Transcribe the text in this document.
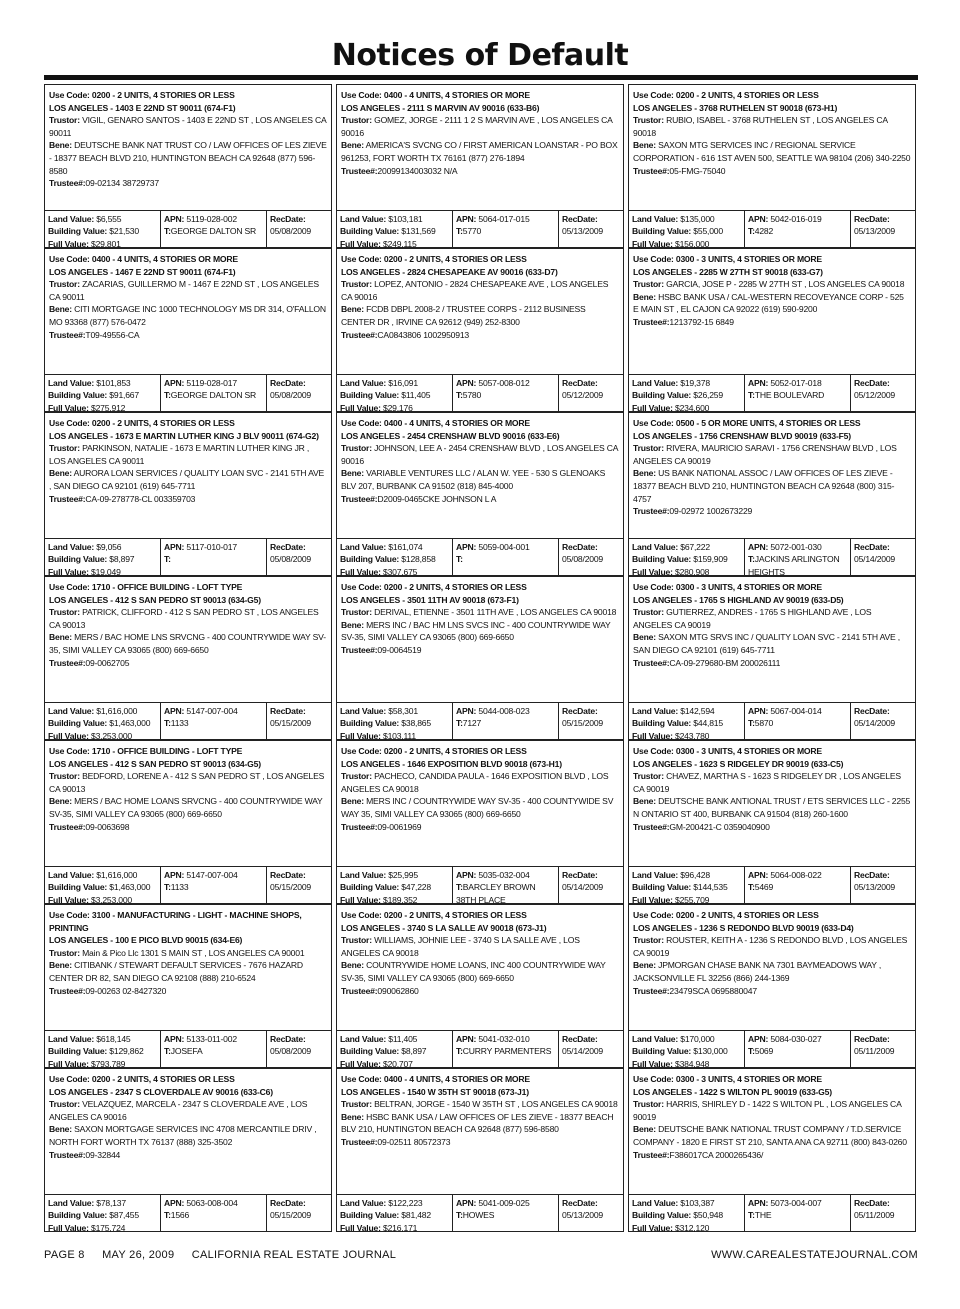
Notices of Default
Use Code: 0200 - 2 UNITS, 4 STORIES OR LESS
LOS ANGELES - 1403 E 22ND ST 90011 (674-F1)
Trustor: VIGIL, GENARO SANTOS - 1403 E 22ND ST , LOS ANGELES CA 90011
Bene: DEUTSCHE BANK NAT TRUST CO / LAW OFFICES OF LES ZIEVE - 18377 BEACH BLVD 210, HUNTINGTON BEACH CA 92648 (877) 596-8580
Trustee#:09-02134 38729737
Land Value: $6,555
Building Value: $21,530
Full Value: $29,801
APN: 5119-028-002
T:GEORGE DALTON SR
RecDate:
05/08/2009
Use Code: 0400 - 4 UNITS, 4 STORIES OR MORE
LOS ANGELES - 1467 E 22ND ST 90011 (674-F1)
Trustor: ZACARIAS, GUILLERMO M - 1467 E 22ND ST , LOS ANGELES CA 90011
Bene: CITI MORTGAGE INC 1000 TECHNOLOGY MS DR 314, O'FALLON MO 93368 (877) 576-0472
Trustee#:T09-49556-CA
Land Value: $101,853
Building Value: $91,667
Full Value: $275,912
APN: 5119-028-017
T:GEORGE DALTON SR
RecDate:
05/08/2009
Use Code: 0200 - 2 UNITS, 4 STORIES OR LESS
LOS ANGELES - 1673 E MARTIN LUTHER KING J BLV 90011 (674-G2)
Trustor: PARKINSON, NATALIE - 1673 E MARTIN LUTHER KING JR , LOS ANGELES CA 90011
Bene: AURORA LOAN SERVICES / QUALITY LOAN SVC - 2141 5TH AVE , SAN DIEGO CA 92101 (619) 645-7711
Trustee#:CA-09-278778-CL 003359703
Land Value: $9,056
Building Value: $8,897
Full Value: $19,049
APN: 5117-010-017
T:
RecDate:
05/08/2009
Use Code: 1710 - OFFICE BUILDING - LOFT TYPE
LOS ANGELES - 412 S SAN PEDRO ST 90013 (634-G5)
Trustor: PATRICK, CLIFFORD - 412 S SAN PEDRO ST , LOS ANGELES CA 90013
Bene: MERS / BAC HOME LNS SRVCNG - 400 COUNTRYWIDE WAY SV-35, SIMI VALLEY CA 93065 (800) 669-6650
Trustee#:09-0062705
Land Value: $1,616,000
Building Value: $1,463,000
Full Value: $3,253,000
APN: 5147-007-004
T:1133
RecDate:
05/15/2009
Use Code: 1710 - OFFICE BUILDING - LOFT TYPE
LOS ANGELES - 412 S SAN PEDRO ST 90013 (634-G5)
Trustor: BEDFORD, LORENE A - 412 S SAN PEDRO ST , LOS ANGELES CA 90013
Bene: MERS / BAC HOME LOANS SRVCNG - 400 COUNTRYWIDE WAY SV-35, SIMI VALLEY CA 93065 (800) 669-6650
Trustee#:09-0063698
Land Value: $1,616,000
Building Value: $1,463,000
Full Value: $3,253,000
APN: 5147-007-004
T:1133
RecDate:
05/15/2009
Use Code: 3100 - MANUFACTURING - LIGHT - MACHINE SHOPS, PRINTING
LOS ANGELES - 100 E PICO BLVD 90015 (634-E6)
Trustor: Main & Pico Llc 1301 S MAIN ST , LOS ANGELES CA 90001
Bene: CITIBANK / STEWART DEFAULT SERVICES - 7676 HAZARD CENTER DR 82, SAN DIEGO CA 92108 (888) 210-6524
Trustee#:09-00263 02-8427320
Land Value: $618,145
Building Value: $129,862
Full Value: $793,789
APN: 5133-011-002
T:JOSEFA
RecDate:
05/08/2009
Use Code: 0200 - 2 UNITS, 4 STORIES OR LESS
LOS ANGELES - 2347 S CLOVERDALE AV 90016 (633-C6)
Trustor: VELAZQUEZ, MARCELA - 2347 S CLOVERDALE AVE , LOS ANGELES CA 90016
Bene: SAXON MORTGAGE SERVICES INC 4708 MERCANTILE DRIV , NORTH FORT WORTH TX 76137 (888) 325-3502
Trustee#:09-32844
Land Value: $78,137
Building Value: $87,455
Full Value: $175,724
APN: 5063-008-004
T:1566
RecDate:
05/15/2009
Use Code: 0400 - 4 UNITS, 4 STORIES OR MORE
LOS ANGELES - 2111 S MARVIN AV 90016 (633-B6)
Trustor: GOMEZ, JORGE - 2111 1 2 S MARVIN AVE , LOS ANGELES CA 90016
Bene: AMERICA'S SVCNG CO / FIRST AMERICAN LOANSTAR - PO BOX 961253, FORT WORTH TX 76161 (877) 276-1894
Trustee#:20099134003032 N/A
Land Value: $103,181
Building Value: $131,569
Full Value: $249,115
APN: 5064-017-015
T:5770
RecDate:
05/13/2009
Use Code: 0200 - 2 UNITS, 4 STORIES OR LESS
LOS ANGELES - 2824 CHESAPEAKE AV 90016 (633-D7)
Trustor: LOPEZ, ANTONIO - 2824 CHESAPEAKE AVE , LOS ANGELES CA 90016
Bene: FCDB DBPL 2008-2 / TRUSTEE CORPS - 2112 BUSINESS CENTER DR , IRVINE CA 92612 (949) 252-8300
Trustee#:CA0843806 1002950913
Land Value: $16,091
Building Value: $11,405
Full Value: $29,176
APN: 5057-008-012
T:5780
RecDate:
05/12/2009
Use Code: 0400 - 4 UNITS, 4 STORIES OR MORE
LOS ANGELES - 2454 CRENSHAW BLVD 90016 (633-E6)
Trustor: JOHNSON, LEE A - 2454 CRENSHAW BLVD , LOS ANGELES CA 90016
Bene: VARIABLE VENTURES LLC / ALAN W. YEE - 530 S GLENOAKS BLV 207, BURBANK CA 91502 (818) 845-4000
Trustee#:D2009-0465CKE JOHNSON L A
Land Value: $161,074
Building Value: $128,858
Full Value: $307,675
APN: 5059-004-001
T:
RecDate:
05/08/2009
Use Code: 0200 - 2 UNITS, 4 STORIES OR LESS
LOS ANGELES - 3501 11TH AV 90018 (673-F1)
Trustor: DERIVAL, ETIENNE - 3501 11TH AVE , LOS ANGELES CA 90018
Bene: MERS INC / BAC HM LNS SVCS INC - 400 COUNTRYWIDE WAY SV-35, SIMI VALLEY CA 93065 (800) 669-6650
Trustee#:09-0064519
Land Value: $58,301
Building Value: $38,865
Full Value: $103,111
APN: 5044-008-023
T:7127
RecDate:
05/15/2009
Use Code: 0200 - 2 UNITS, 4 STORIES OR LESS
LOS ANGELES - 1646 EXPOSITION BLVD 90018 (673-H1)
Trustor: PACHECO, CANDIDA PAULA - 1646 EXPOSITION BLVD , LOS ANGELES CA 90018
Bene: MERS INC / COUNTRYWIDE WAY SV-35 - 400 COUNTYWIDE SV WAY 35, SIMI VALLEY CA 93065 (800) 669-6650
Trustee#:09-0061969
Land Value: $25,995
Building Value: $47,228
Full Value: $189,352
APN: 5035-032-004
T:BARCLEY BROWN 38TH PLACE
RecDate:
05/14/2009
Use Code: 0200 - 2 UNITS, 4 STORIES OR LESS
LOS ANGELES - 3740 S LA SALLE AV 90018 (673-J1)
Trustor: WILLIAMS, JOHNIE LEE - 3740 S LA SALLE AVE , LOS ANGELES CA 90018
Bene: COUNTRYWIDE HOME LOANS, INC 400 COUNTRYWIDE WAY SV-35, SIMI VALLEY CA 93065 (800) 669-6650
Trustee#:090062860
Land Value: $11,405
Building Value: $8,897
Full Value: $20,707
APN: 5041-032-010
T:CURRY PARMENTERS
RecDate:
05/14/2009
Use Code: 0400 - 4 UNITS, 4 STORIES OR MORE
LOS ANGELES - 1540 W 35TH ST 90018 (673-J1)
Trustor: BELTRAN, JORGE - 1540 W 35TH ST , LOS ANGELES CA 90018
Bene: HSBC BANK USA / LAW OFFICES OF LES ZIEVE - 18377 BEACH BLV 210, HUNTINGTON BEACH CA 92648 (877) 596-8580
Trustee#:09-02511 80572373
Land Value: $122,223
Building Value: $81,482
Full Value: $216,171
APN: 5041-009-025
T:HOWES
RecDate:
05/13/2009
Use Code: 0200 - 2 UNITS, 4 STORIES OR LESS
LOS ANGELES - 3768 RUTHELEN ST 90018 (673-H1)
Trustor: RUBIO, ISABEL - 3768 RUTHELEN ST , LOS ANGELES CA 90018
Bene: SAXON MTG SERVICES INC / REGIONAL SERVICE CORPORATION - 616 1ST AVEN 500, SEATTLE WA 98104 (206) 340-2250
Trustee#:05-FMG-75040
Land Value: $135,000
Building Value: $55,000
Full Value: $156,000
APN: 5042-016-019
T:4282
RecDate:
05/13/2009
Use Code: 0300 - 3 UNITS, 4 STORIES OR MORE
LOS ANGELES - 2285 W 27TH ST 90018 (633-G7)
Trustor: GARCIA, JOSE P - 2285 W 27TH ST , LOS ANGELES CA 90018
Bene: HSBC BANK USA / CAL-WESTERN RECOVEYANCE CORP - 525 E MAIN ST , EL CAJON CA 92022 (619) 590-9200
Trustee#:1213792-15 6849
Land Value: $19,378
Building Value: $26,259
Full Value: $234,600
APN: 5052-017-018
T:THE BOULEVARD
RecDate:
05/12/2009
Use Code: 0500 - 5 OR MORE UNITS, 4 STORIES OR LESS
LOS ANGELES - 1756 CRENSHAW BLVD 90019 (633-F5)
Trustor: RIVERA, MAURICIO SARAVI - 1756 CRENSHAW BLVD , LOS ANGELES CA 90019
Bene: US BANK NATIONAL ASSOC / LAW OFFICES OF LES ZIEVE - 18377 BEACH BLVD 210, HUNTINGTON BEACH CA 92648 (800) 315-4757
Trustee#:09-02972 1002673229
Land Value: $67,222
Building Value: $159,909
Full Value: $280,908
APN: 5072-001-030
T:JACKINS ARLINGTON HEIGHTS
RecDate:
05/14/2009
Use Code: 0300 - 3 UNITS, 4 STORIES OR MORE
LOS ANGELES - 1765 S HIGHLAND AV 90019 (633-D5)
Trustor: GUTIERREZ, ANDRES - 1765 S HIGHLAND AVE , LOS ANGELES CA 90019
Bene: SAXON MTG SRVS INC / QUALITY LOAN SVC - 2141 5TH AVE , SAN DIEGO CA 92101 (619) 645-7711
Trustee#:CA-09-279680-BM 200026111
Land Value: $142,594
Building Value: $44,815
Full Value: $243,780
APN: 5067-004-014
T:5870
RecDate:
05/14/2009
Use Code: 0300 - 3 UNITS, 4 STORIES OR MORE
LOS ANGELES - 1623 S RIDGELEY DR 90019 (633-C5)
Trustor: CHAVEZ, MARTHA S - 1623 S RIDGELEY DR , LOS ANGELES CA 90019
Bene: DEUTSCHE BANK ANTIONAL TRUST / ETS SERVICES LLC - 2255 N ONTARIO ST 400, BURBANK CA 91504 (818) 260-1600
Trustee#:GM-200421-C 0359040900
Land Value: $96,428
Building Value: $144,535
Full Value: $255,709
APN: 5064-008-022
T:5469
RecDate:
05/13/2009
Use Code: 0200 - 2 UNITS, 4 STORIES OR LESS
LOS ANGELES - 1236 S REDONDO BLVD 90019 (633-D4)
Trustor: ROUSTER, KEITH A - 1236 S REDONDO BLVD , LOS ANGELES CA 90019
Bene: JPMORGAN CHASE BANK NA 7301 BAYMEADOWS WAY , JACKSONVILLE FL 32256 (866) 244-1369
Trustee#:23479SCA 0695880047
Land Value: $170,000
Building Value: $130,000
Full Value: $384,948
APN: 5084-030-027
T:5069
RecDate:
05/11/2009
Use Code: 0300 - 3 UNITS, 4 STORIES OR MORE
LOS ANGELES - 1422 S WILTON PL 90019 (633-G5)
Trustor: HARRIS, SHIRLEY D - 1422 S WILTON PL , LOS ANGELES CA 90019
Bene: DEUTSCHE BANK NATIONAL TRUST COMPANY / T.D.SERVICE COMPANY - 1820 E FIRST ST 210, SANTA ANA CA 92711 (800) 843-0260
Trustee#:F386017CA 2000265436/
Land Value: $103,387
Building Value: $50,948
Full Value: $312,120
APN: 5073-004-007
T:THE
RecDate:
05/11/2009
PAGE 8 MAY 26, 2009 CALIFORNIA REAL ESTATE JOURNAL	WWW.CAREALESTATEJOURNAL.COM
